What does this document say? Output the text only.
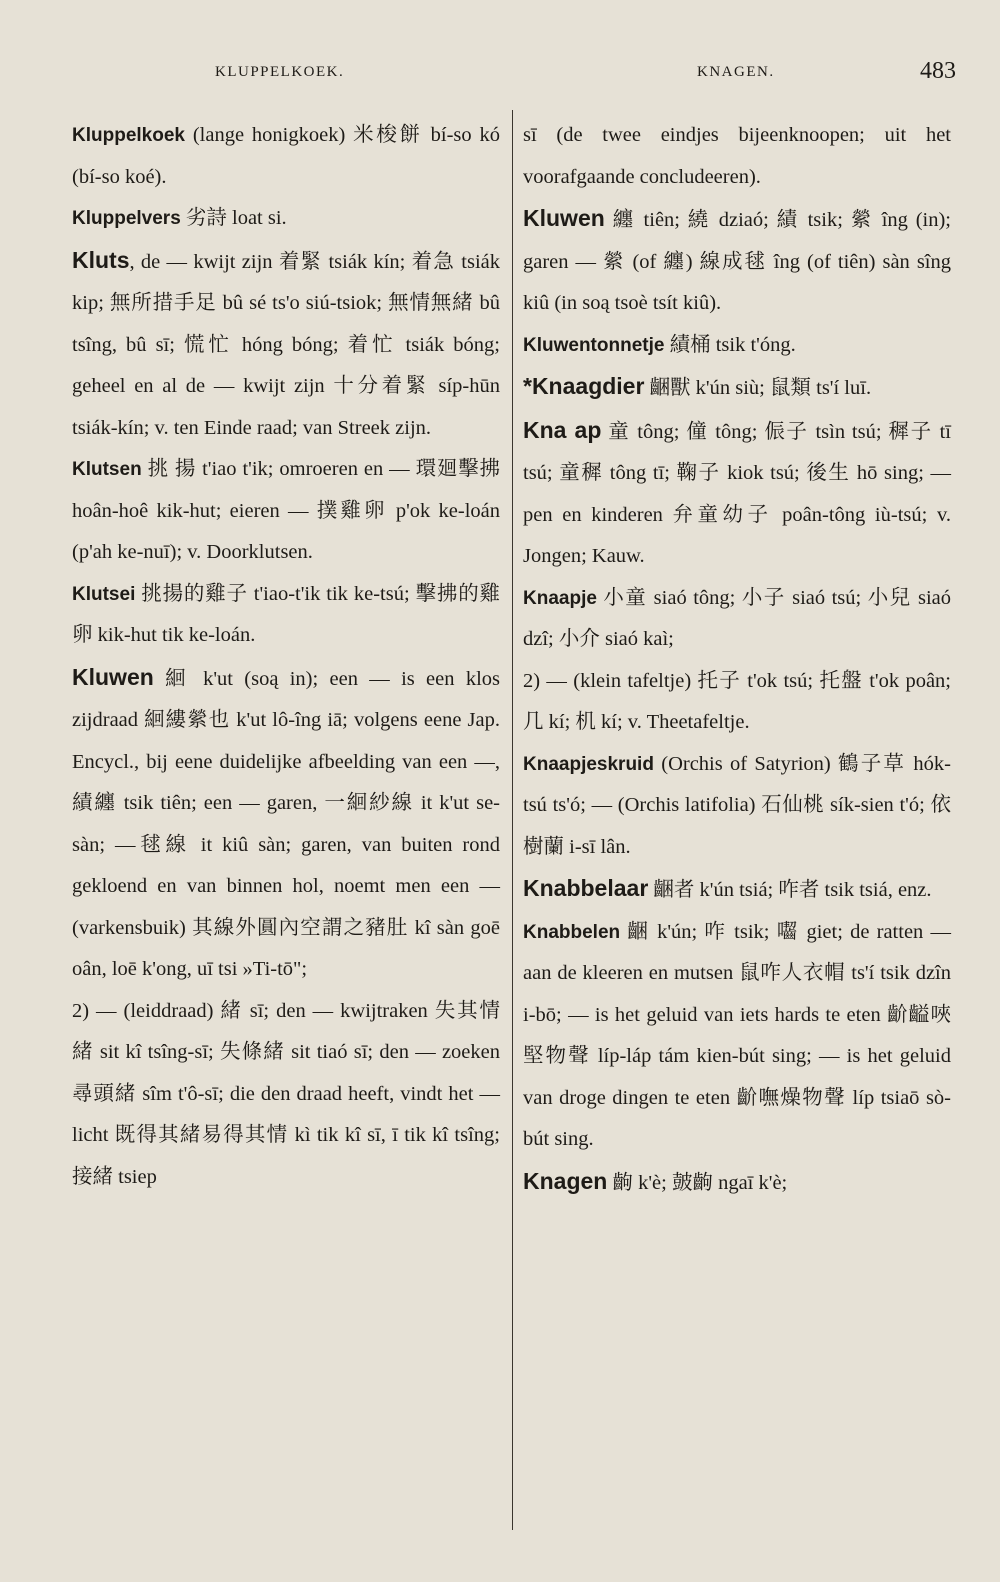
KLUPPELKOEK.	KNAGEN.	483

Kluppelkoek (lange honigkoek) 米梭餅 bí-so kó (bí-so koé).

Kluppelvers 劣詩 loat si.

Kluts, de — kwijt zijn 着緊 tsiák kín; 着急 tsiák kip; 無所措手足 bû sé ts'o siú-tsiok; 無情無緒 bû tsîng, bû sī; 慌忙 hóng bóng; 着忙 tsiák bóng; geheel en al de — kwijt zijn 十分着緊 síp-hūn tsiák-kín; v. ten Einde raad; van Streek zijn.

Klutsen 挑 揚 t'iao t'ik; omroeren en — 環廻擊拂 hoân-hoê kik-hut; eieren — 撲雞卵 p'ok ke-loán (p'ah ke-nuī); v. Doorklutsen.

Klutsei 挑揚的雞子 t'iao-t'ik tik ke-tsú; 擊拂的雞卵 kik-hut tik ke-loán.

Kluwen 絗 k'ut (soą in); een — is een klos zijdraad 絗縷縈也 k'ut lô-îng iā; volgens eene Jap. Encycl., bij eene duidelijke afbeelding van een —, 績纏 tsik tiên; een — garen, 一絗紗線 it k'ut se-sàn; —毬線 it kiû sàn; garen, van buiten rond gekloend en van binnen hol, noemt men een — (varkensbuik) 其線外圓內空謂之豬肚 kî sàn goē oân, loē k'ong, uī tsi »Ti-tō";

2) — (leiddraad) 緒 sī; den — kwijtraken 失其情緒 sit kî tsîng-sī; 失條緒 sit tiaó sī; den — zoeken 尋頭緒 sîm t'ô-sī; die den draad heeft, vindt het — licht 既得其緒易得其情 kì tik kî sī, ī tik kî tsîng; 接緒 tsiep

sī (de twee eindjes bijeenknoopen; uit het voorafgaande concludeeren).

Kluwen 纏 tiên; 繞 dziaó; 績 tsik; 縈 îng (in); garen — 縈 (of 纏) 線成毬 îng (of tiên) sàn sîng kiû (in soą tsoè tsít kiû).

Kluwentonnetje 績桶 tsik t'óng.

*Knaagdier 齫獸 k'ún siù; 鼠類 ts'í luī.

Kna ap 童 tông; 僮 tông; 侲子 tsìn tsú; 穉子 tī tsú; 童穉 tông tī; 鞠子 kiok tsú; 後生 hō sing; — pen en kinderen 弁童幼子 poân-tông iù-tsú; v. Jongen; Kauw.

Knaapje 小童 siaó tông; 小子 siaó tsú; 小兒 siaó dzî; 小介 siaó kaì;

2) — (klein tafeltje) 托子 t'ok tsú; 托盤 t'ok poân; 几 kí; 机 kí; v. Theetafeltje.

Knaapjeskruid (Orchis of Satyrion) 鶴子草 hók-tsú ts'ó; — (Orchis latifolia) 石仙桃 sík-sien t'ó; 依樹蘭 i-sī lân.

Knabbelaar 齫者 k'ún tsiá; 咋者 tsik tsiá, enz.

Knabbelen 齫 k'ún; 咋 tsik; 囓 giet; de ratten — aan de kleeren en mutsen 鼠咋人衣帽 ts'í tsik dzîn i-bō; — is het geluid van iets hards te eten 齘齸唊堅物聲 líp-láp tám kien-bút sing; — is het geluid van droge dingen te eten 齘嘸燥物聲 líp tsiaō sò-bút sing.

Knagen 齣 k'è; 皷齣 ngaī k'è;
